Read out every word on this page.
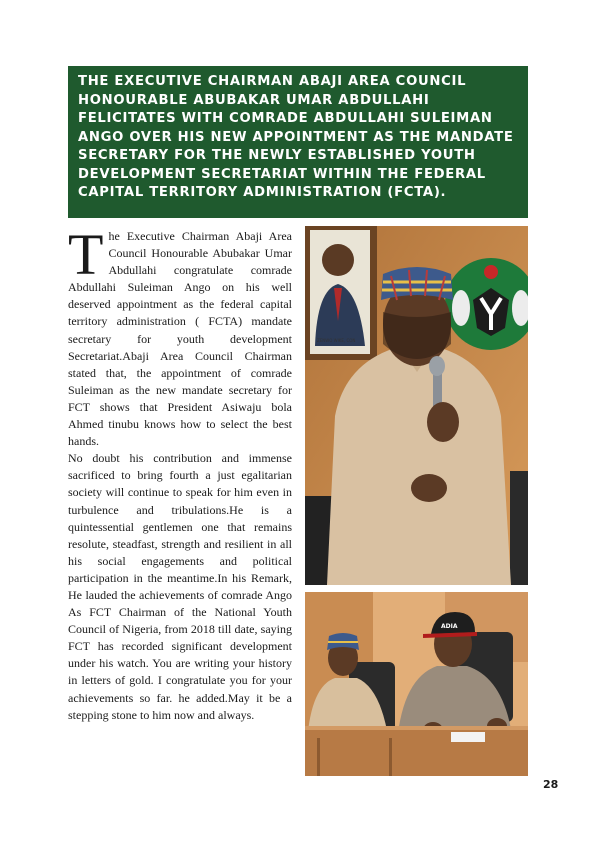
THE EXECUTIVE CHAIRMAN ABAJI AREA COUNCIL HONOURABLE ABUBAKAR UMAR ABDULLAHI FELICITATES WITH COMRADE ABDULLAHI SULEIMAN ANGO OVER HIS NEW APPOINTMENT AS THE MANDATE SECRETARY FOR THE NEWLY ESTABLISHED YOUTH DEVELOPMENT SECRETARIAT WITHIN THE FEDERAL CAPITAL TERRITORY ADMINISTRATION (FCTA).

T he Executive Chairman Abaji Area Council Honourable Abubakar Umar Abdullahi congratulate comrade Abdullahi Suleiman Ango on his well deserved appointment as the federal capital territory administration ( FCTA) mandate secretary for youth development Secretariat.Abaji Area Council Chairman stated that, the appointment of comrade Suleiman as the new mandate secretary for FCT shows that President Asiwaju bola Ahmed tinubu knows how to select the best hands.

No doubt his contribution and immense sacrificed to bring fourth a just egalitarian society will continue to speak for him even in turbulence and tribulations.He is a quintessential gentlemen one that remains resolute, steadfast, strength and resilient in all his social engagements and political participation in the meantime.In his Remark, He lauded the achievements of comrade Ango As FCT Chairman of the National Youth Council of Nigeria, from 2018 till date, saying FCT has recorded significant development under his watch. You are writing your history in letters of gold. I congratulate you for your achievements so far. he added.May it be a stepping stone to him now and always.

ZENWO WIKE, CON
ADIA
28
